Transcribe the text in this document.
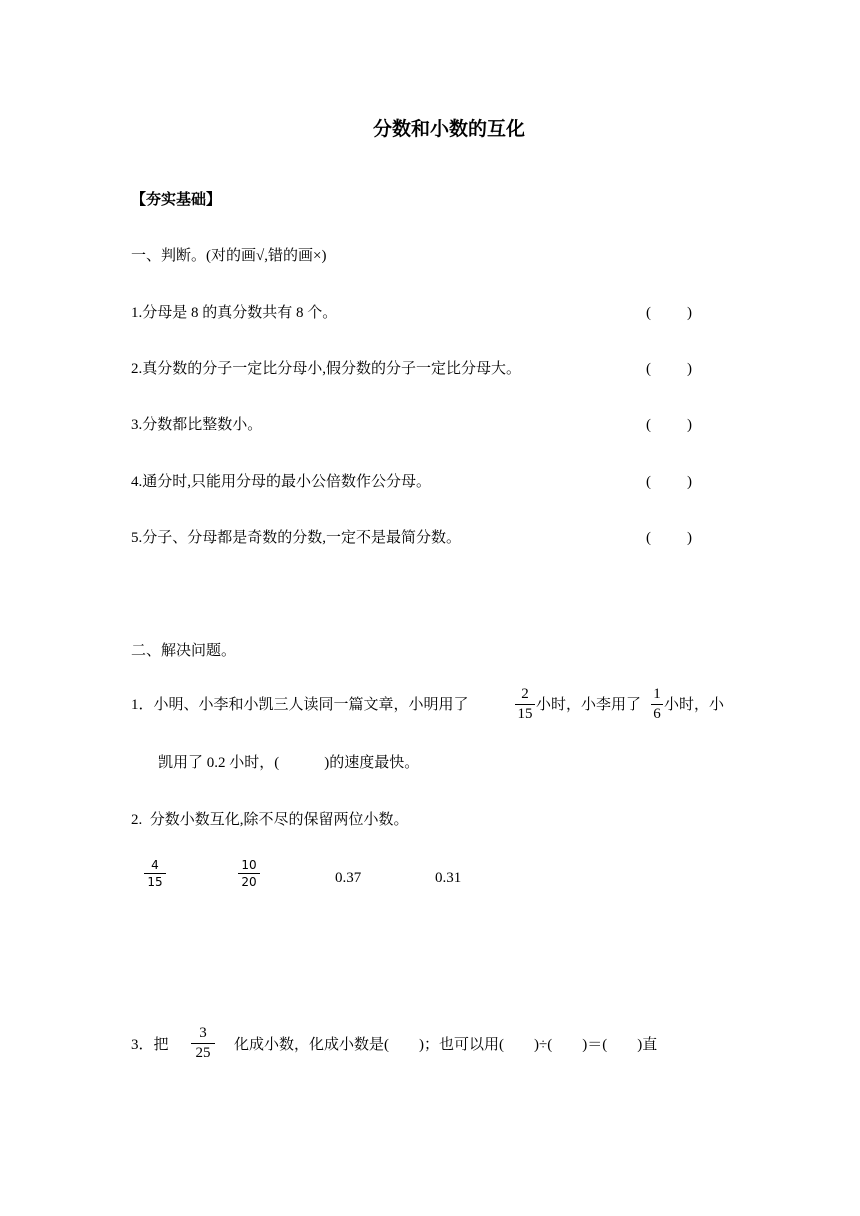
分数和小数的互化
【夯实基础】
一、判断。(对的画√,错的画×)
1.分母是 8 的真分数共有 8 个。	( )
2.真分数的分子一定比分母小,假分数的分子一定比分母大。	( )
3.分数都比整数小。	( )
4.通分时,只能用分母的最小公倍数作公分母。	( )
5.分子、分母都是奇数的分数,一定不是最简分数。	( )
二、解决问题。
1．小明、小李和小凯三人读同一篇文章，小明用了
2
15
小时，小李用了
1
6
小时，小
凯用了 0.2 小时，(            )的速度最快。
2.  分数小数互化,除不尽的保留两位小数。
4
15
10
20	0.37	0.31
3．把
3
25	化成小数，化成小数是(        )；也可以用(        )÷(        )＝(        )直
